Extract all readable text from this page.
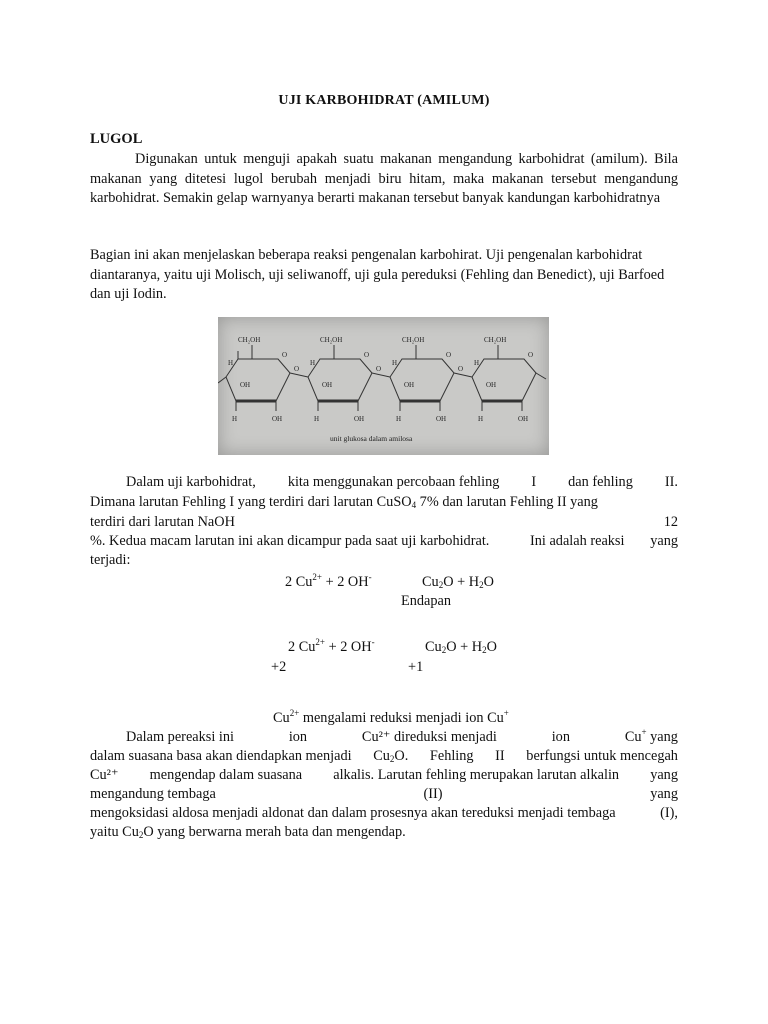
UJI KARBOHIDRAT (AMILUM)
LUGOL

Digunakan untuk menguji apakah suatu makanan mengandung karbohidrat (amilum). Bila makanan yang ditetesi lugol berubah menjadi biru hitam, maka makanan tersebut mengandung karbohidrat. Semakin gelap warnyanya berarti makanan tersebut banyak kandungan karbohidratnya

Bagian ini akan menjelaskan beberapa reaksi pengenalan karbohirat. Uji pengenalan karbohidrat diantaranya, yaitu uji Molisch, uji seliwanoff, uji gula pereduksi (Fehling dan Benedict), uji Barfoed dan uji Iodin.

CH₂OH	CH₂OH	CH₂OH	CH₂OH
O	O	O	O
H	H	H	H
OH	OH	OH	OH
O	O	O
H	OH	H	OH	H	OH	H	OH
unit glukosa dalam amilosa
Dalam uji karbohidrat, kita menggunakan percobaan fehling I dan fehling II.
Dimana larutan Fehling I yang terdiri dari larutan CuSO$_4$ 7% dan larutan Fehling II yang
terdiri dari larutan NaOH	12
%. Kedua macam larutan ini akan dicampur pada saat uji karbohidrat.	Ini adalah reaksi yang
terjadi:
2 $Cu^{2+} + 2$ OH-	$Cu_2O + H_2O$
Endapan
2 $Cu^{2+} + 2$ OH-	$Cu_2O + H_2O$
+2	+1
$Cu^{2+}$ mengalami reduksi menjadi ion Cu+
Dalam pereaksi ini	ion	Cu²⁺ direduksi menjadi	ion	Cu+ yang
dalam suasana basa akan diendapkan menjadi $Cu_2O$. Fehling II berfungsi untuk mencegah
Cu²⁺ mengendap dalam suasana alkalis. Larutan fehling merupakan larutan alkalin yang
mengandung tembaga	(II)	yang
mengoksidasi aldosa menjadi aldonat dan dalam prosesnya akan tereduksi menjadi tembaga	(I),
yaitu $Cu_2O$ yang berwarna merah bata dan mengendap.
